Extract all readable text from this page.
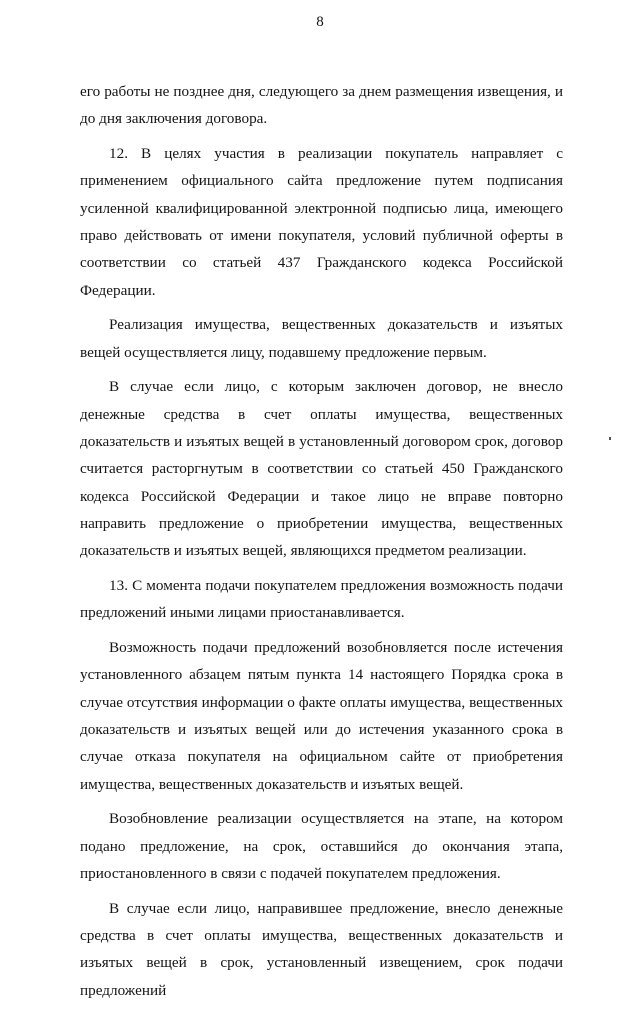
8

его работы не позднее дня, следующего за днем размещения извещения, и до дня заключения договора.

12. В целях участия в реализации покупатель направляет с применением официального сайта предложение путем подписания усиленной квалифицированной электронной подписью лица, имеющего право действовать от имени покупателя, условий публичной оферты в соответствии со статьей 437 Гражданского кодекса Российской Федерации.

Реализация имущества, вещественных доказательств и изъятых вещей осуществляется лицу, подавшему предложение первым.

В случае если лицо, с которым заключен договор, не внесло денежные средства в счет оплаты имущества, вещественных доказательств и изъятых вещей в установленный договором срок, договор считается расторгнутым в соответствии со статьей 450 Гражданского кодекса Российской Федерации и такое лицо не вправе повторно направить предложение о приобретении имущества, вещественных доказательств и изъятых вещей, являющихся предметом реализации.

13. С момента подачи покупателем предложения возможность подачи предложений иными лицами приостанавливается.

Возможность подачи предложений возобновляется после истечения установленного абзацем пятым пункта 14 настоящего Порядка срока в случае отсутствия информации о факте оплаты имущества, вещественных доказательств и изъятых вещей или до истечения указанного срока в случае отказа покупателя на официальном сайте от приобретения имущества, вещественных доказательств и изъятых вещей.

Возобновление реализации осуществляется на этапе, на котором подано предложение, на срок, оставшийся до окончания этапа, приостановленного в связи с подачей покупателем предложения.

В случае если лицо, направившее предложение, внесло денежные средства в счет оплаты имущества, вещественных доказательств и изъятых вещей в срок, установленный извещением, срок подачи предложений
